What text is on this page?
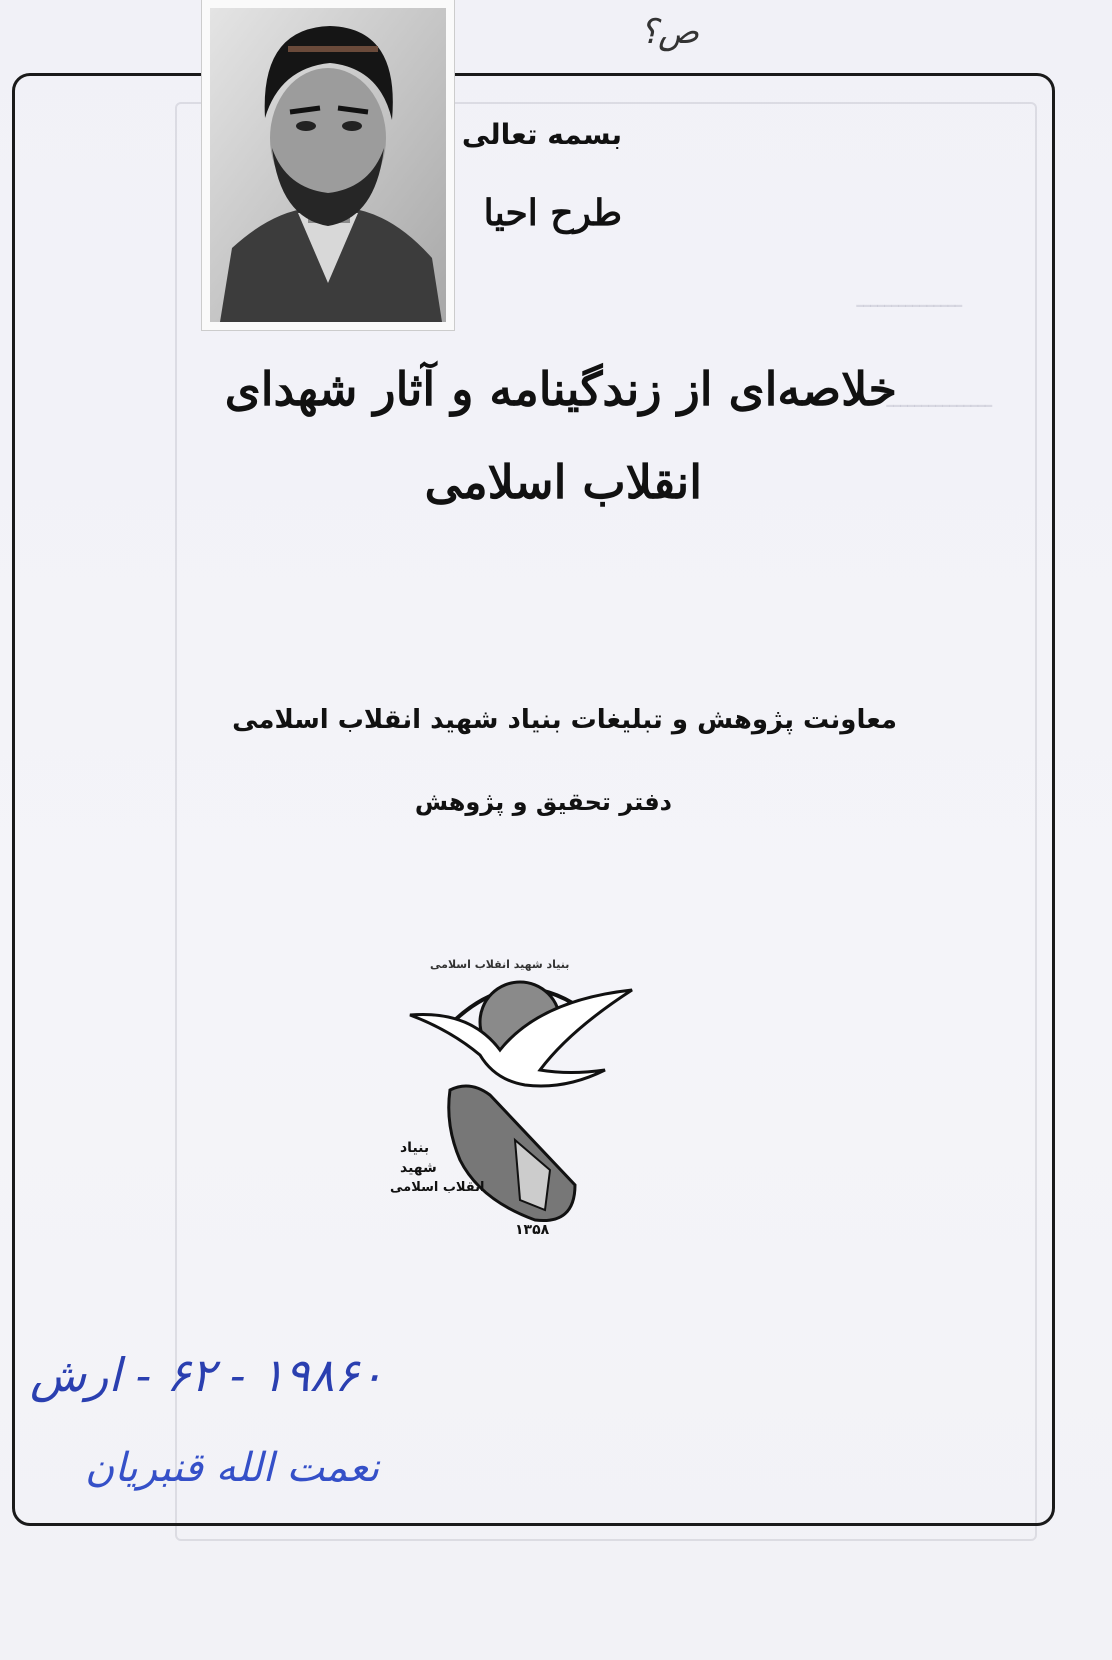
ـــــــــــــــ
ـــــــــــــــ
ص؟
بسمه تعالی
طرح احیا
خلاصه‌ای از زندگینامه و آثار شهدای
انقلاب اسلامی
معاونت پژوهش و تبلیغات بنیاد شهید انقلاب اسلامی
دفتر تحقیق و پژوهش
بنیاد
شهید
انقلاب اسلامی
۱۳۵۸
بنیاد شهید انقلاب اسلامی
۱۹۸۶۰ - ۶۲ - ارش
نعمت الله قنبریان
